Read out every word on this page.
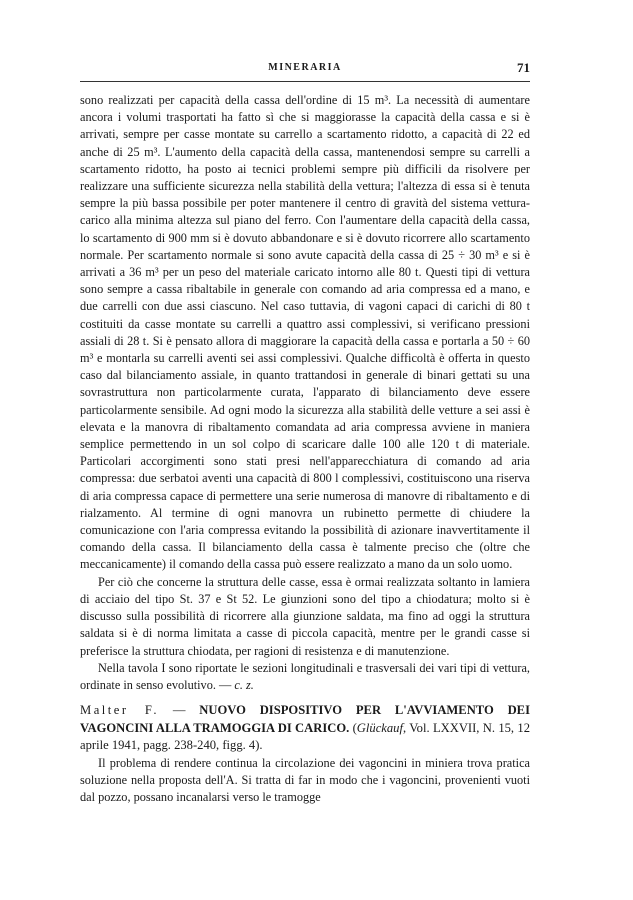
MINERARIA	71

sono realizzati per capacità della cassa dell'ordine di 15 m³. La necessità di aumentare ancora i volumi trasportati ha fatto sì che si maggiorasse la capacità della cassa e si è arrivati, sempre per casse montate su carrello a scartamento ridotto, a capacità di 22 ed anche di 25 m³. L'aumento della capacità della cassa, mantenendosi sempre su carrelli a scartamento ridotto, ha posto ai tecnici problemi sempre più difficili da risolvere per realizzare una sufficiente sicurezza nella stabilità della vettura; l'altezza di essa si è tenuta sempre la più bassa possibile per poter mantenere il centro di gravità del sistema vettura-carico alla minima altezza sul piano del ferro. Con l'aumentare della capacità della cassa, lo scartamento di 900 mm si è dovuto abbandonare e si è dovuto ricorrere allo scartamento normale. Per scartamento normale si sono avute capacità della cassa di 25 ÷ 30 m³ e si è arrivati a 36 m³ per un peso del materiale caricato intorno alle 80 t. Questi tipi di vettura sono sempre a cassa ribaltabile in generale con comando ad aria compressa ed a mano, e due carrelli con due assi ciascuno. Nel caso tuttavia, di vagoni capaci di carichi di 80 t costituiti da casse montate su carrelli a quattro assi complessivi, si verificano pressioni assiali di 28 t. Si è pensato allora di maggiorare la capacità della cassa e portarla a 50 ÷ 60 m³ e montarla su carrelli aventi sei assi complessivi. Qualche difficoltà è offerta in questo caso dal bilanciamento assiale, in quanto trattandosi in generale di binari gettati su una sovrastruttura non particolarmente curata, l'apparato di bilanciamento deve essere particolarmente sensibile. Ad ogni modo la sicurezza alla stabilità delle vetture a sei assi è elevata e la manovra di ribaltamento comandata ad aria compressa avviene in maniera semplice permettendo in un sol colpo di scaricare dalle 100 alle 120 t di materiale. Particolari accorgimenti sono stati presi nell'apparecchiatura di comando ad aria compressa: due serbatoi aventi una capacità di 800 l complessivi, costituiscono una riserva di aria compressa capace di permettere una serie numerosa di manovre di ribaltamento e di rialzamento. Al termine di ogni manovra un rubinetto permette di chiudere la comunicazione con l'aria compressa evitando la possibilità di azionare inavvertitamente il comando della cassa. Il bilanciamento della cassa è talmente preciso che (oltre che meccanicamente) il comando della cassa può essere realizzato a mano da un solo uomo.

Per ciò che concerne la struttura delle casse, essa è ormai realizzata soltanto in lamiera di acciaio del tipo St. 37 e St 52. Le giunzioni sono del tipo a chiodatura; molto si è discusso sulla possibilità di ricorrere alla giunzione saldata, ma fino ad oggi la struttura saldata si è di norma limitata a casse di piccola capacità, mentre per le grandi casse si preferisce la struttura chiodata, per ragioni di resistenza e di manutenzione.

Nella tavola I sono riportate le sezioni longitudinali e trasversali dei vari tipi di vettura, ordinate in senso evolutivo. — c. z.

Malter F. — NUOVO DISPOSITIVO PER L'AVVIAMENTO DEI VAGONCINI ALLA TRAMOGGIA DI CARICO. (Glückauf, Vol. LXXVII, N. 15, 12 aprile 1941, pagg. 238-240, figg. 4).

Il problema di rendere continua la circolazione dei vagoncini in miniera trova pratica soluzione nella proposta dell'A. Si tratta di far in modo che i vagoncini, provenienti vuoti dal pozzo, possano incanalarsi verso le tramogge
